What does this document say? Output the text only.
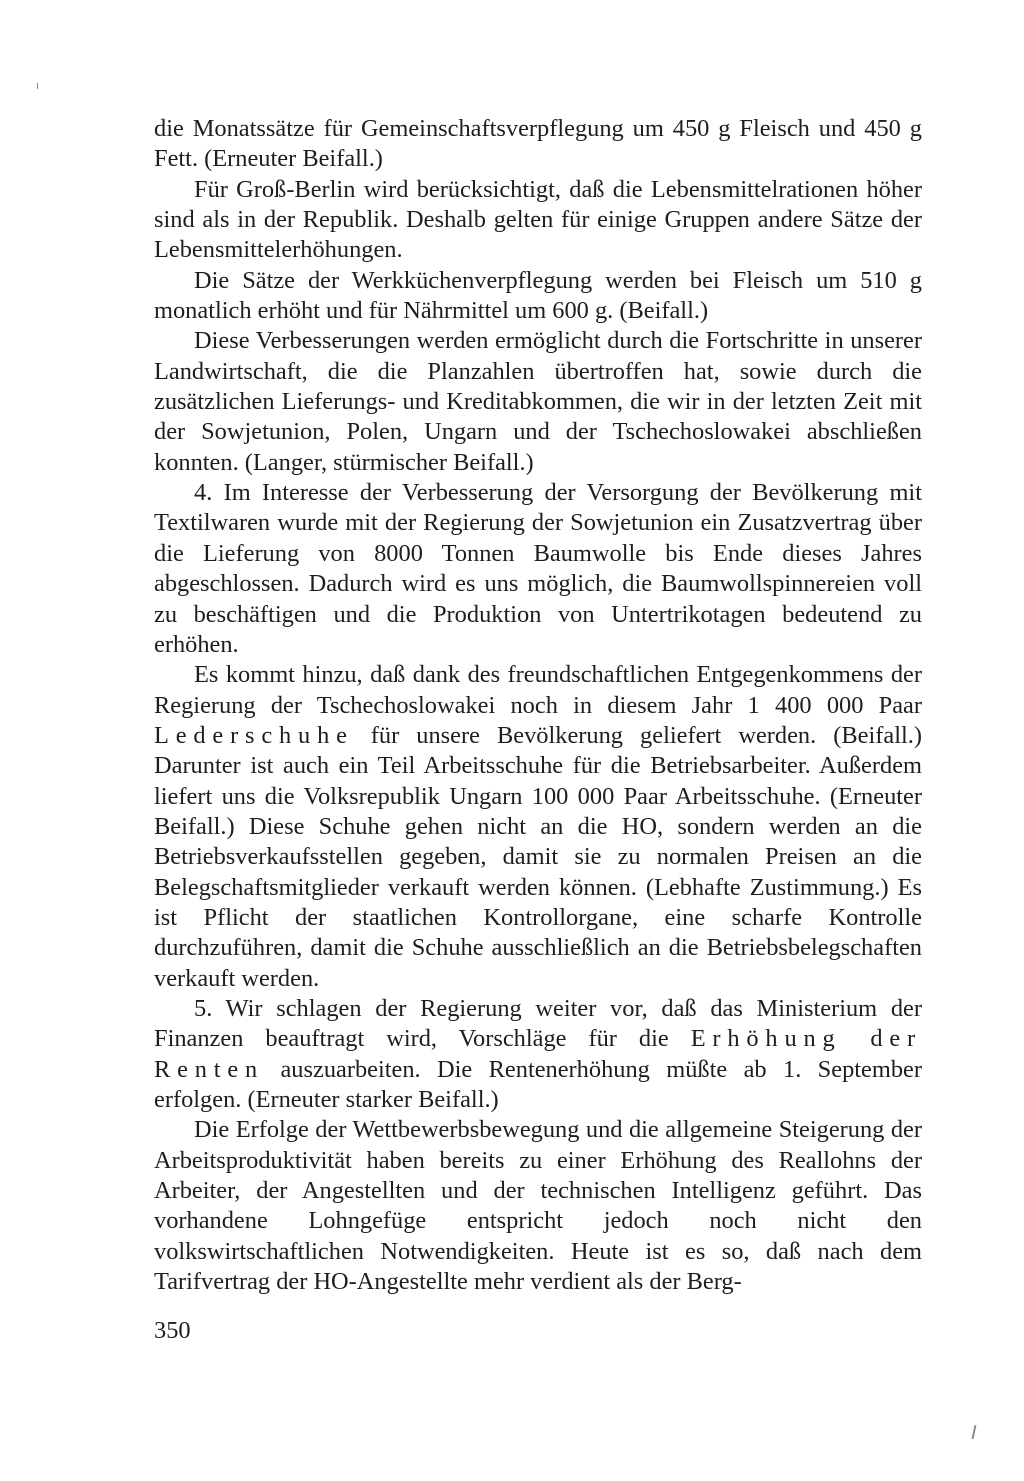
die Monatssätze für Gemeinschaftsverpflegung um 450 g Fleisch und 450 g Fett. (Erneuter Beifall.)

Für Groß-Berlin wird berücksichtigt, daß die Lebensmittelrationen höher sind als in der Republik. Deshalb gelten für einige Gruppen andere Sätze der Lebensmittelerhöhungen.

Die Sätze der Werkküchenverpflegung werden bei Fleisch um 510 g monatlich erhöht und für Nährmittel um 600 g. (Beifall.)

Diese Verbesserungen werden ermöglicht durch die Fortschritte in unserer Landwirtschaft, die die Planzahlen übertroffen hat, sowie durch die zusätzlichen Lieferungs- und Kreditabkommen, die wir in der letzten Zeit mit der Sowjetunion, Polen, Ungarn und der Tschechoslowakei abschließen konnten. (Langer, stürmischer Beifall.)

4. Im Interesse der Verbesserung der Versorgung der Bevölkerung mit Textilwaren wurde mit der Regierung der Sowjetunion ein Zusatzvertrag über die Lieferung von 8000 Tonnen Baumwolle bis Ende dieses Jahres abgeschlossen. Dadurch wird es uns möglich, die Baumwollspinnereien voll zu beschäftigen und die Produktion von Untertrikotagen bedeutend zu erhöhen.

Es kommt hinzu, daß dank des freundschaftlichen Entgegenkommens der Regierung der Tschechoslowakei noch in diesem Jahr 1 400 000 Paar Lederschuhe für unsere Bevölkerung geliefert werden. (Beifall.) Darunter ist auch ein Teil Arbeitsschuhe für die Betriebsarbeiter. Außerdem liefert uns die Volksrepublik Ungarn 100 000 Paar Arbeitsschuhe. (Erneuter Beifall.) Diese Schuhe gehen nicht an die HO, sondern werden an die Betriebsverkaufsstellen gegeben, damit sie zu normalen Preisen an die Belegschaftsmitglieder verkauft werden können. (Lebhafte Zustimmung.) Es ist Pflicht der staatlichen Kontrollorgane, eine scharfe Kontrolle durchzuführen, damit die Schuhe ausschließlich an die Betriebsbelegschaften verkauft werden.

5. Wir schlagen der Regierung weiter vor, daß das Ministerium der Finanzen beauftragt wird, Vorschläge für die Erhöhung der Renten auszuarbeiten. Die Rentenerhöhung müßte ab 1. September erfolgen. (Erneuter starker Beifall.)

Die Erfolge der Wettbewerbsbewegung und die allgemeine Steigerung der Arbeitsproduktivität haben bereits zu einer Erhöhung des Reallohns der Arbeiter, der Angestellten und der technischen Intelligenz geführt. Das vorhandene Lohngefüge entspricht jedoch noch nicht den volkswirtschaftlichen Notwendigkeiten. Heute ist es so, daß nach dem Tarifvertrag der HO-Angestellte mehr verdient als der Berg-

350
